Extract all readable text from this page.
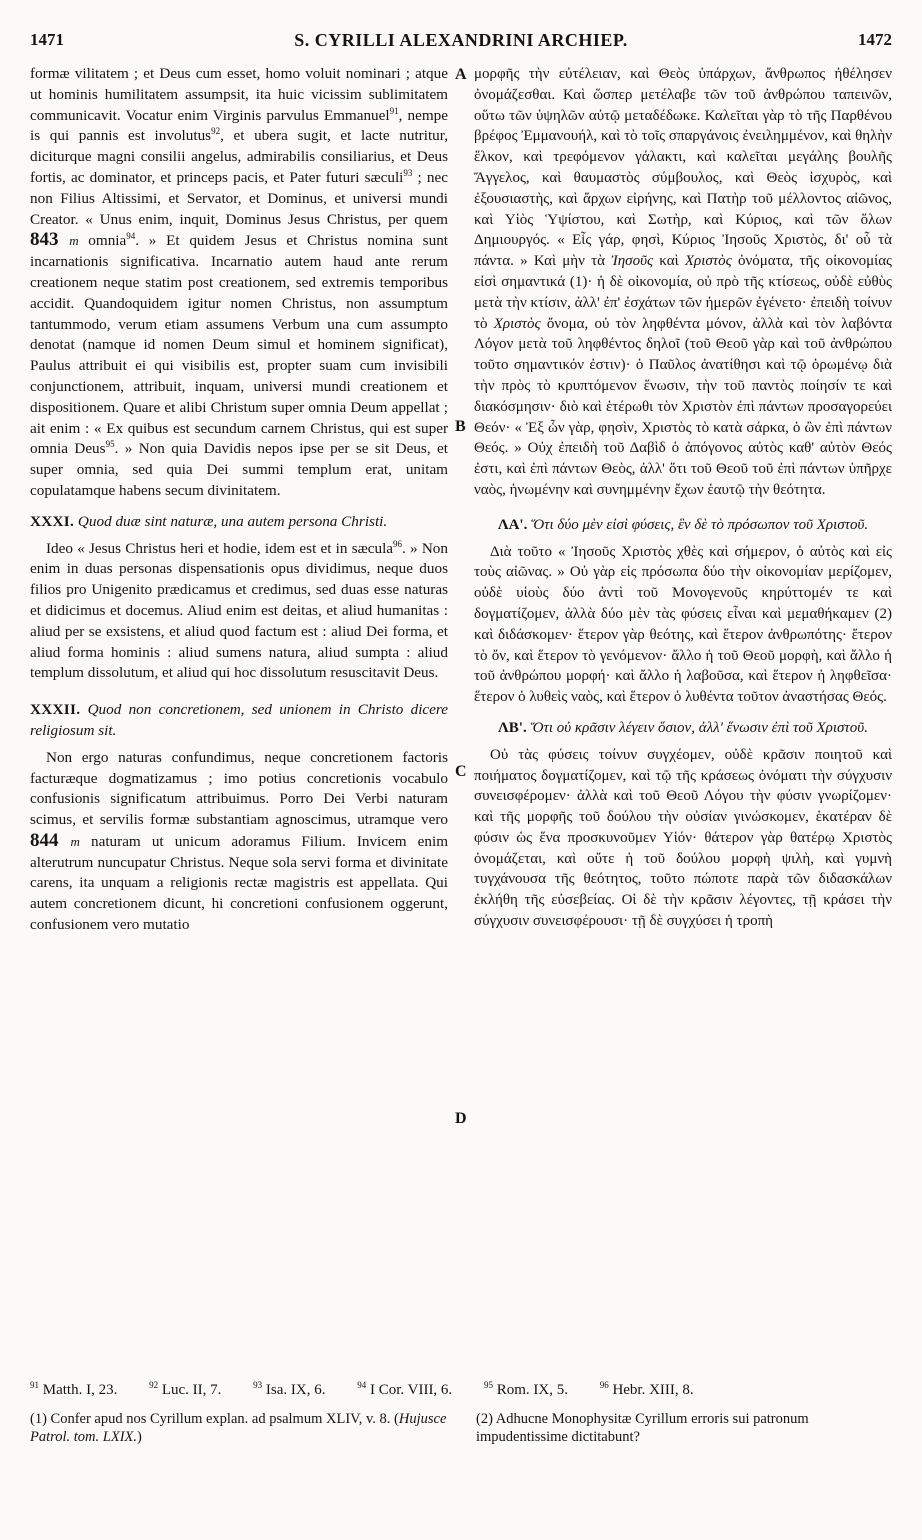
1471	S. CYRILLI ALEXANDRINI ARCHIEP.	1472
A
B
C
D

formæ vilitatem ; et Deus cum esset, homo voluit nominari ; atque ut hominis humilitatem assumpsit, ita huic vicissim sublimitatem communicavit. Vocatur enim Virginis parvulus Emmanuel$^{91}$, nempe is qui pannis est involutus$^{92}$, et ubera sugit, et lacte nutritur, diciturque magni consilii angelus, admirabilis consiliarius, et Deus fortis, ac dominator, et princeps pacis, et Pater futuri sæculi$^{93}$ ; nec non Filius Altissimi, et Servator, et Dominus, et universi mundi Creator. « Unus enim, inquit, Dominus Jesus Christus, per quem 843 m omnia$^{94}$. » Et quidem Jesus et Christus nomina sunt incarnationis significativa. Incarnatio autem haud ante rerum creationem neque statim post creationem, sed extremis temporibus accidit. Quandoquidem igitur nomen Christus, non assumptum tantummodo, verum etiam assumens Verbum una cum assumpto denotat (namque id nomen Deum simul et hominem significat), Paulus attribuit ei qui visibilis est, propter suam cum invisibili conjunctionem, attribuit, inquam, universi mundi creationem et dispositionem. Quare et alibi Christum super omnia Deum appellat ; ait enim : « Ex quibus est secundum carnem Christus, qui est super omnia Deus$^{95}$. » Non quia Davidis nepos ipse per se sit Deus, et super omnia, sed quia Dei summi templum erat, unitam copulatamque habens secum divinitatem.

XXXI. Quod duæ sint naturæ, una autem persona Christi.

Ideo « Jesus Christus heri et hodie, idem est et in sæcula$^{96}$. » Non enim in duas personas dispensationis opus dividimus, neque duos filios pro Unigenito prædicamus et credimus, sed duas esse naturas et didicimus et docemus. Aliud enim est deitas, et aliud humanitas : aliud per se exsistens, et aliud quod factum est : aliud Dei forma, et aliud forma hominis : aliud sumens natura, aliud sumpta : aliud templum dissolutum, et aliud qui hoc dissolutum resuscitavit Deus.

XXXII. Quod non concretionem, sed unionem in Christo dicere religiosum sit.

Non ergo naturas confundimus, neque concretionem factoris facturæque dogmatizamus ; imo potius concretionis vocabulo confusionis significatum attribuimus. Porro Dei Verbi naturam scimus, et servilis formæ substantiam agnoscimus, utramque vero 844 m naturam ut unicum adoramus Filium. Invicem enim alterutrum nuncupatur Christus. Neque sola servi forma et divinitate carens, ita unquam a religionis rectæ magistris est appellata. Qui autem concretionem dicunt, hi concretioni confusionem oggerunt, confusionem vero mutatio

μορφῆς τὴν εὐτέλειαν, καὶ Θεὸς ὑπάρχων, ἄνθρωπος ἠθέλησεν ὀνομάζεσθαι. Καὶ ὥσπερ μετέλαβε τῶν τοῦ ἀνθρώπου ταπεινῶν, οὕτω τῶν ὑψηλῶν αὐτῷ μεταδέδωκε. Καλεῖται γὰρ τὸ τῆς Παρθένου βρέφος Ἐμμανουήλ, καὶ τὸ τοῖς σπαργάνοις ἐνειλημμένον, καὶ θηλὴν ἕλκον, καὶ τρεφόμενον γάλακτι, καὶ καλεῖται μεγάλης βουλῆς Ἄγγελος, καὶ θαυμαστὸς σύμβουλος, καὶ Θεὸς ἰσχυρὸς, καὶ ἐξουσιαστὴς, καὶ ἄρχων εἰρήνης, καὶ Πατὴρ τοῦ μέλλοντος αἰῶνος, καὶ Υἱὸς Ὑψίστου, καὶ Σωτὴρ, καὶ Κύριος, καὶ τῶν ὅλων Δημιουργός. « Εἷς γάρ, φησὶ, Κύριος Ἰησοῦς Χριστὸς, δι' οὗ τὰ πάντα. » Καὶ μὴν τὰ Ἰησοῦς καὶ Χριστὸς ὀνόματα, τῆς οἰκονομίας εἰσὶ σημαντικά (1)· ἡ δὲ οἰκονομία, οὐ πρὸ τῆς κτίσεως, οὐδὲ εὐθὺς μετὰ τὴν κτίσιν, ἀλλ' ἐπ' ἐσχάτων τῶν ἡμερῶν ἐγένετο· ἐπειδὴ τοίνυν τὸ Χριστὸς ὄνομα, οὐ τὸν ληφθέντα μόνον, ἀλλὰ καὶ τὸν λαβόντα Λόγον μετὰ τοῦ ληφθέντος δηλοῖ (τοῦ Θεοῦ γὰρ καὶ τοῦ ἀνθρώπου τοῦτο σημαντικόν ἐστιν)· ὁ Παῦλος ἀνατίθησι καὶ τῷ ὁρωμένῳ διὰ τὴν πρὸς τὸ κρυπτόμενον ἕνωσιν, τὴν τοῦ παντὸς ποίησίν τε καὶ διακόσμησιν· διὸ καὶ ἑτέρωθι τὸν Χριστὸν ἐπὶ πάντων προσαγορεύει Θεόν· « Ἐξ ὧν γὰρ, φησὶν, Χριστὸς τὸ κατὰ σάρκα, ὁ ὢν ἐπὶ πάντων Θεός. » Οὐχ ἐπειδὴ τοῦ Δαβὶδ ὁ ἀπόγονος αὐτὸς καθ' αὐτὸν Θεός ἐστι, καὶ ἐπὶ πάντων Θεὸς, ἀλλ' ὅτι τοῦ Θεοῦ τοῦ ἐπὶ πάντων ὑπῆρχε ναὸς, ἡνωμένην καὶ συνημμένην ἔχων ἑαυτῷ τὴν θεότητα.

ΛΑ'. Ὅτι δύο μὲν εἰσὶ φύσεις, ἓν δὲ τὸ πρόσωπον τοῦ Χριστοῦ.

Διὰ τοῦτο « Ἰησοῦς Χριστὸς χθὲς καὶ σήμερον, ὁ αὐτὸς καὶ εἰς τοὺς αἰῶνας. » Οὐ γὰρ εἰς πρόσωπα δύο τὴν οἰκονομίαν μερίζομεν, οὐδὲ υἱοὺς δύο ἀντὶ τοῦ Μονογενοῦς κηρύττομέν τε καὶ δογματίζομεν, ἀλλὰ δύο μὲν τὰς φύσεις εἶναι καὶ μεμαθήκαμεν (2) καὶ διδάσκομεν· ἕτερον γὰρ θεότης, καὶ ἕτερον ἀνθρωπότης· ἕτερον τὸ ὄν, καὶ ἕτερον τὸ γενόμενον· ἄλλο ἡ τοῦ Θεοῦ μορφὴ, καὶ ἄλλο ἡ τοῦ ἀνθρώπου μορφή· καὶ ἄλλο ἡ λαβοῦσα, καὶ ἕτερον ἡ ληφθεῖσα· ἕτερον ὁ λυθεὶς ναὸς, καὶ ἕτερον ὁ λυθέντα τοῦτον ἀναστήσας Θεός.

ΛΒ'. Ὅτι οὐ κρᾶσιν λέγειν ὅσιον, ἀλλ' ἕνωσιν ἐπὶ τοῦ Χριστοῦ.

Οὐ τὰς φύσεις τοίνυν συγχέομεν, οὐδὲ κρᾶσιν ποιητοῦ καὶ ποιήματος δογματίζομεν, καὶ τῷ τῆς κράσεως ὀνόματι τὴν σύγχυσιν συνεισφέρομεν· ἀλλὰ καὶ τοῦ Θεοῦ Λόγου τὴν φύσιν γνωρίζομεν· καὶ τῆς μορφῆς τοῦ δούλου τὴν οὐσίαν γινώσκομεν, ἑκατέραν δὲ φύσιν ὡς ἕνα προσκυνοῦμεν Υἱόν· θάτερον γὰρ θατέρῳ Χριστὸς ὀνομάζεται, καὶ οὔτε ἡ τοῦ δούλου μορφὴ ψιλὴ, καὶ γυμνὴ τυγχάνουσα τῆς θεότητος, τοῦτο πώποτε παρὰ τῶν διδασκάλων ἐκλήθη τῆς εὐσεβείας. Οἱ δὲ τὴν κρᾶσιν λέγοντες, τῇ κράσει τὴν σύγχυσιν συνεισφέρουσι· τῇ δὲ συγχύσει ἡ τροπὴ

$^{91}$ Matth. I, 23.	$^{92}$ Luc. II, 7.	$^{93}$ Isa. IX, 6.	$^{94}$ I Cor. VIII, 6.	$^{95}$ Rom. IX, 5.	$^{96}$ Hebr. XIII, 8.
(1) Confer apud nos Cyrillum explan. ad psalmum XLIV, v. 8. (Hujusce Patrol. tom. LXIX.)
(2) Adhucne Monophysitæ Cyrillum erroris sui patronum impudentissime dictitabunt?
